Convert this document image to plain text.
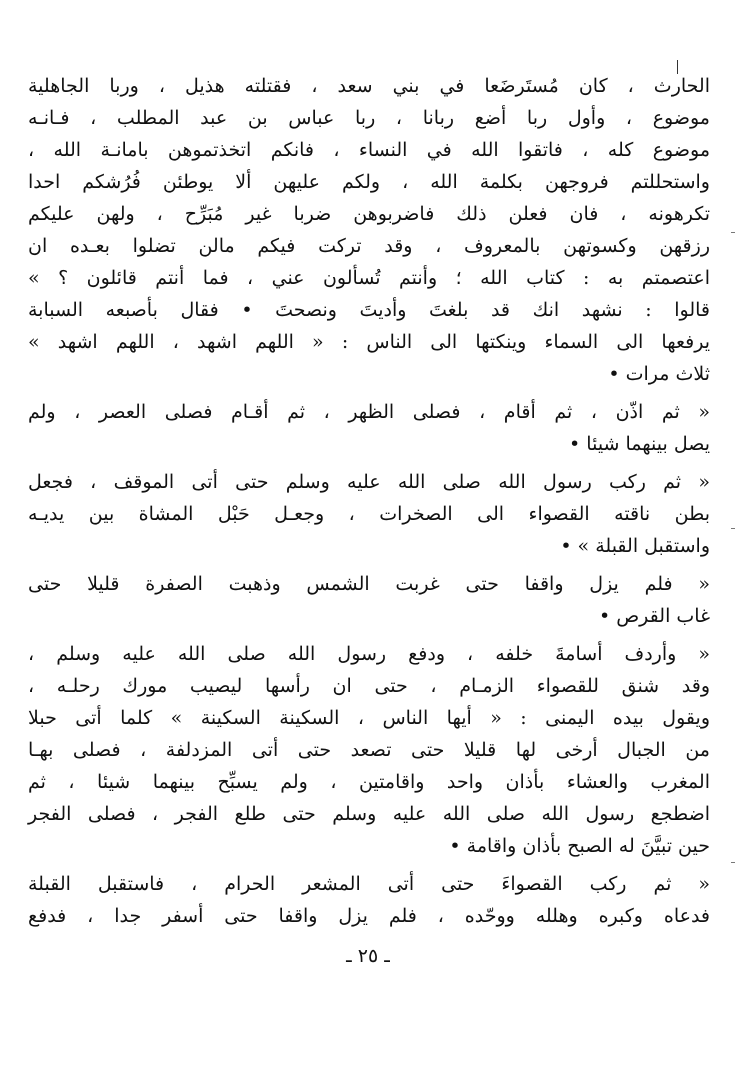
الحارث ، كان مُستَرضَعا في بني سعد ، فقتلته هذيل ، وربا الجاهلية
موضوع ، وأول ربا أضع ربانا ، ربا عباس بن عبد المطلب ، فـانـه
موضوع كله ، فاتقوا الله في النساء ، فانكم اتخذتموهن بامانـة الله ،
واستحللتم فروجهن بكلمة الله ، ولكم عليهن ألا يوطئن فُرُشكم احدا
تكرهونه ، فان فعلن ذلك فاضربوهن ضربا غير مُبَرِّح ، ولهن عليكم
رزقهن وكسوتهن بالمعروف ، وقد تركت فيكم مالن تضلوا بعـده ان
اعتصمتم به : كتاب الله ؛ وأنتم تُسألون عني ، فما أنتم قائلون ؟ »
قالوا : نشهد انك قد بلغتَ وأديتَ ونصحتَ • فقال بأصبعه السبابة
يرفعها الى السماء وينكتها الى الناس : « اللهم اشهد ، اللهم اشهد »
ثلاث مرات •
« ثم اذّن ، ثم أقام ، فصلى الظهر ، ثم أقـام فصلى العصر ، ولم
يصل بينهما شيئا •
« ثم ركب رسول الله صلى الله عليه وسلم حتى أتى الموقف ، فجعل
بطن ناقته القصواء الى الصخرات ، وجعـل حَبْل المشاة بين يديـه
واستقبل القبلة » •
« فلم يزل واقفا حتى غربت الشمس وذهبت الصفرة قليلا حتى
غاب القرص •
« وأردف أسامةَ خلفه ، ودفع رسول الله صلى الله عليه وسلم ،
وقد شنق للقصواء الزمـام ، حتى ان رأسها ليصيب مورك رحلـه ،
ويقول بيده اليمنى : « أيها الناس ، السكينة السكينة » كلما أتى حبلا
من الجبال أرخى لها قليلا حتى تصعد حتى أتى المزدلفة ، فصلى بهـا
المغرب والعشاء بأذان واحد واقامتين ، ولم يسبِّح بينهما شيئا ، ثم
اضطجع رسول الله صلى الله عليه وسلم حتى طلع الفجر ، فصلى الفجر
حين تبيَّنَ له الصبح بأذان واقامة •
« ثم ركب القصواءَ حتى أتى المشعر الحرام ، فاستقبل القبلة
فدعاه وكبره وهلله ووحّده ، فلم يزل واقفا حتى أسفر جدا ، فدفع
ـ ٢٥ ـ
